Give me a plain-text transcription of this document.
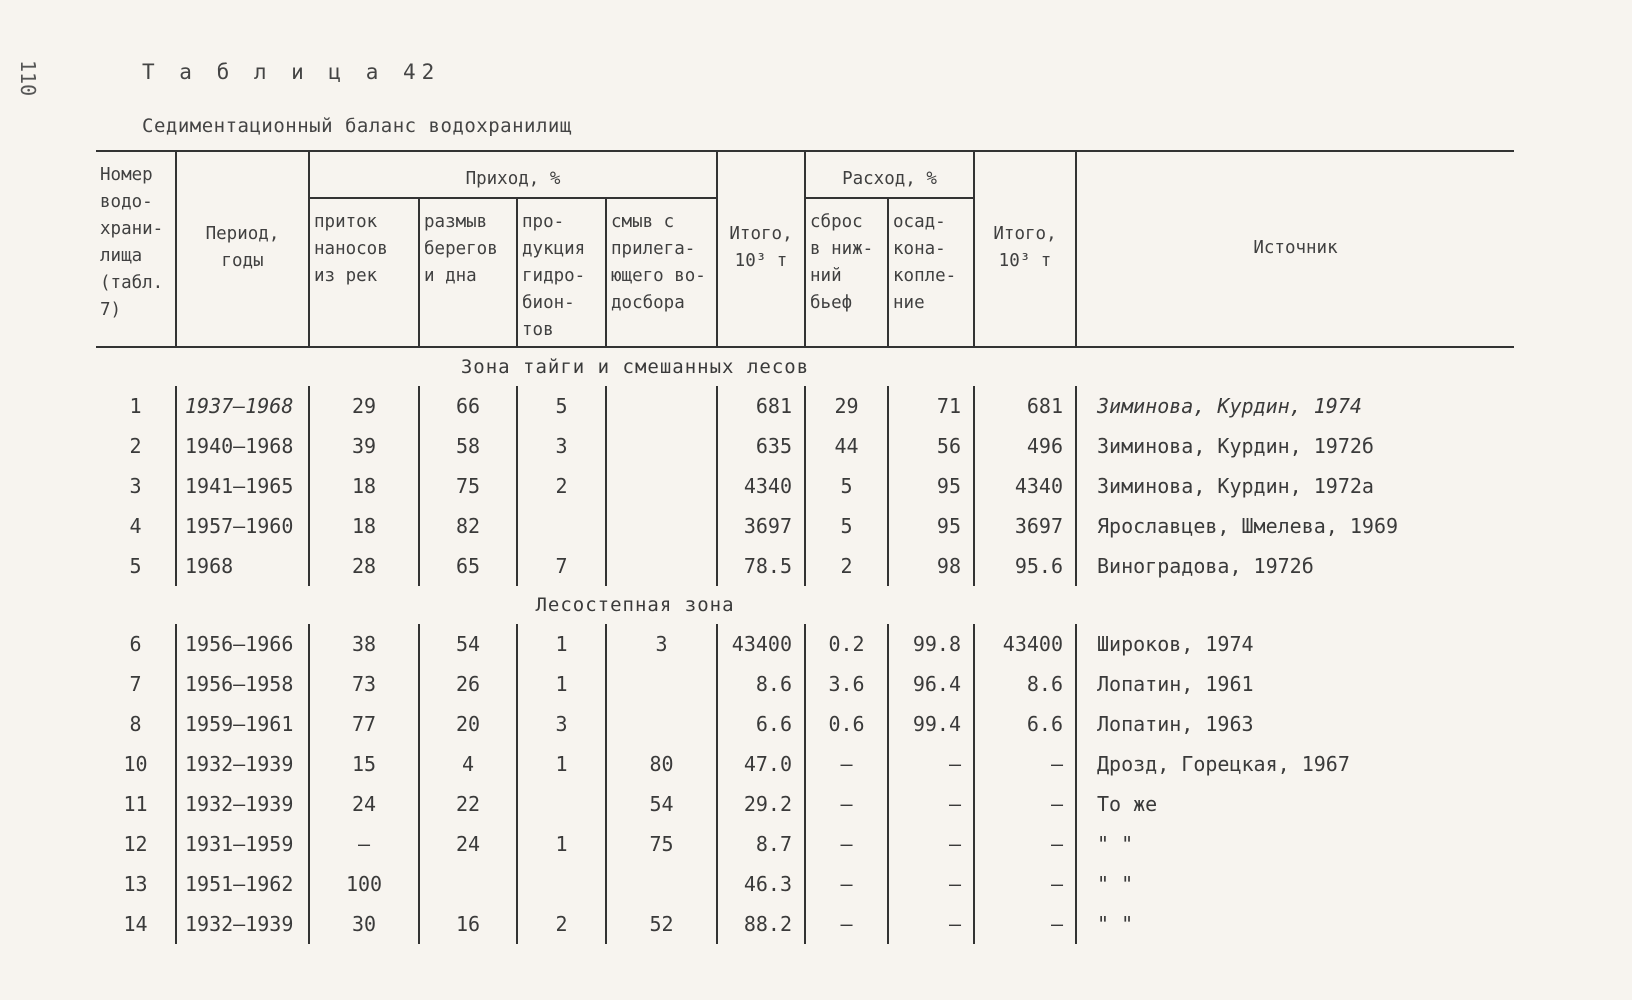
110	Т а б л и ц а 42
Седиментационный баланс водохранилищ
Номер водо-храни-лища (табл. 7)	Период, годы	Приход, %				Итого, 10³ т	Расход, %		Итого, 10³ т	Источник
		приток наносов из рек	размыв берегов и дна	про-дукция гидро-бион-тов	смыв с прилега-ющего во-досбора		сброс в ниж-ний бьеф	осад-кона-копле-ние		
Зона тайги и смешанных лесов										
1	1937–1968	29	66	5		681	29	71	681	Зиминова, Курдин, 1974
2	1940–1968	39	58	3		635	44	56	496	Зиминова, Курдин, 1972б
3	1941–1965	18	75	2		4340	5	95	4340	Зиминова, Курдин, 1972а
4	1957–1960	18	82			3697	5	95	3697	Ярославцев, Шмелева, 1969
5	1968	28	65	7		78.5	2	98	95.6	Виноградова, 1972б
Лесостепная зона										
6	1956–1966	38	54	1	3	43400	0.2	99.8	43400	Широков, 1974
7	1956–1958	73	26	1		8.6	3.6	96.4	8.6	Лопатин, 1961
8	1959–1961	77	20	3		6.6	0.6	99.4	6.6	Лопатин, 1963
10	1932–1939	15	4	1	80	47.0	–	–	–	Дрозд, Горецкая, 1967
11	1932–1939	24	22		54	29.2	–	–	–	То же
12	1931–1959	–	24	1	75	8.7	–	–	–	" "
13	1951–1962	100				46.3	–	–	–	" "
14	1932–1939	30	16	2	52	88.2	–	–	–	" "
